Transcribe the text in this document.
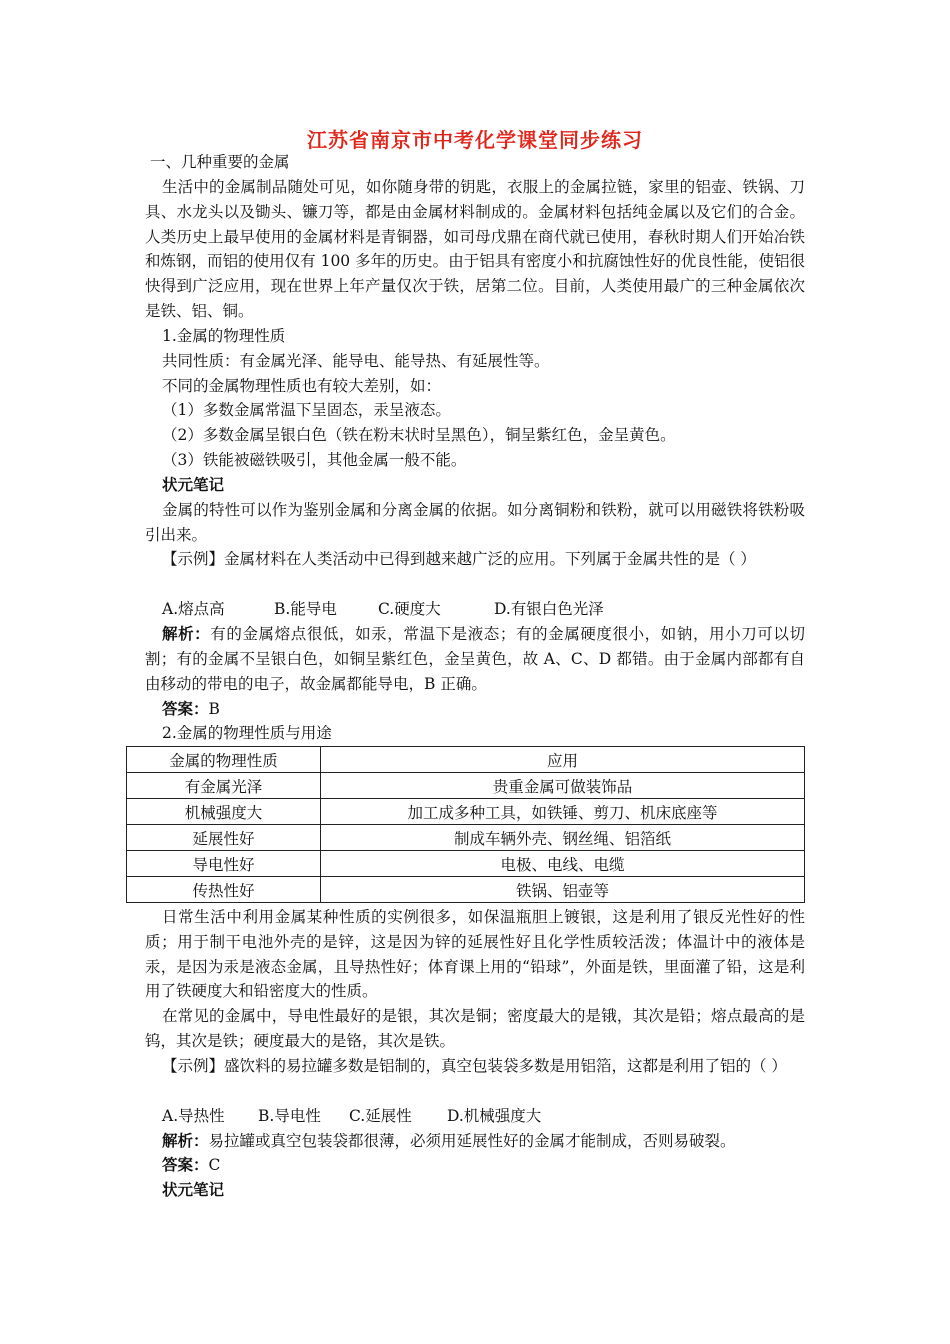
江苏省南京市中考化学课堂同步练习
一、几种重要的金属
生活中的金属制品随处可见，如你随身带的钥匙，衣服上的金属拉链，家里的铝壶、铁锅、刀具、水龙头以及锄头、镰刀等，都是由金属材料制成的。金属材料包括纯金属以及它们的合金。人类历史上最早使用的金属材料是青铜器，如司母戊鼎在商代就已使用，春秋时期人们开始冶铁和炼钢，而铝的使用仅有 100 多年的历史。由于铝具有密度小和抗腐蚀性好的优良性能，使铝很快得到广泛应用，现在世界上年产量仅次于铁，居第二位。目前，人类使用最广的三种金属依次是铁、铝、铜。
1.金属的物理性质
共同性质：有金属光泽、能导电、能导热、有延展性等。
不同的金属物理性质也有较大差别，如：
（1）多数金属常温下呈固态，汞呈液态。
（2）多数金属呈银白色（铁在粉末状时呈黑色），铜呈紫红色，金呈黄色。
（3）铁能被磁铁吸引，其他金属一般不能。
状元笔记
金属的特性可以作为鉴别金属和分离金属的依据。如分离铜粉和铁粉，就可以用磁铁将铁粉吸引出来。
【示例】金属材料在人类活动中已得到越来越广泛的应用。下列属于金属共性的是（ ）
A.熔点高	B.能导电	C.硬度大	D.有银白色光泽
解析：有的金属熔点很低，如汞，常温下是液态；有的金属硬度很小，如钠，用小刀可以切割；有的金属不呈银白色，如铜呈紫红色，金呈黄色，故 A、C、D 都错。由于金属内部都有自由移动的带电的电子，故金属都能导电，B 正确。
答案：B
2.金属的物理性质与用途
金属的物理性质	应用
有金属光泽	贵重金属可做装饰品
机械强度大	加工成多种工具，如铁锤、剪刀、机床底座等
延展性好	制成车辆外壳、钢丝绳、铝箔纸
导电性好	电极、电线、电缆
传热性好	铁锅、铝壶等
日常生活中利用金属某种性质的实例很多，如保温瓶胆上镀银，这是利用了银反光性好的性质；用于制干电池外壳的是锌，这是因为锌的延展性好且化学性质较活泼；体温计中的液体是汞，是因为汞是液态金属，且导热性好；体育课上用的“铅球”，外面是铁，里面灌了铅，这是利用了铁硬度大和铅密度大的性质。
在常见的金属中，导电性最好的是银，其次是铜；密度最大的是锇，其次是铅；熔点最高的是钨，其次是铁；硬度最大的是铬，其次是铁。
【示例】盛饮料的易拉罐多数是铝制的，真空包装袋多数是用铝箔，这都是利用了铝的（ ）
A.导热性 B.导电性 C.延展性 D.机械强度大
解析：易拉罐或真空包装袋都很薄，必须用延展性好的金属才能制成，否则易破裂。
答案：C
状元笔记
